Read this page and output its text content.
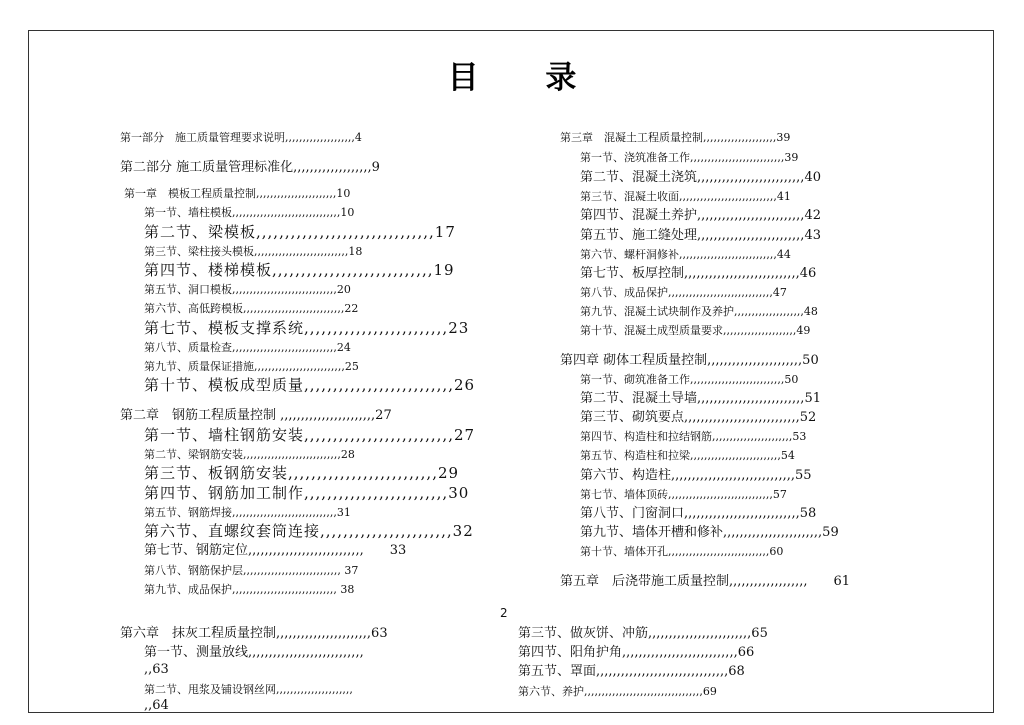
目 录
第一部分　施工质量管理要求说明,,,,,,,,,,,,,,,,,,,,4
第二部分 施工质量管理标准化,,,,,,,,,,,,,,,,,,,9
第一章　模板工程质量控制,,,,,,,,,,,,,,,,,,,,,,,10
第一节、墙柱模板,,,,,,,,,,,,,,,,,,,,,,,,,,,,,,,10
第二节、梁模板,,,,,,,,,,,,,,,,,,,,,,,,,,,,,,,17
第三节、梁柱接头模板,,,,,,,,,,,,,,,,,,,,,,,,,,,18
第四节、楼梯模板,,,,,,,,,,,,,,,,,,,,,,,,,,,,19
第五节、洞口模板,,,,,,,,,,,,,,,,,,,,,,,,,,,,,,20
第六节、高低跨模板,,,,,,,,,,,,,,,,,,,,,,,,,,,,,22
第七节、模板支撑系统,,,,,,,,,,,,,,,,,,,,,,,,,23
第八节、质量检查,,,,,,,,,,,,,,,,,,,,,,,,,,,,,,24
第九节、质量保证措施,,,,,,,,,,,,,,,,,,,,,,,,,,25
第十节、模板成型质量,,,,,,,,,,,,,,,,,,,,,,,,,,26
第二章　钢筋工程质量控制 ,,,,,,,,,,,,,,,,,,,,,,,27
第一节、墙柱钢筋安装,,,,,,,,,,,,,,,,,,,,,,,,,,27
第二节、梁钢筋安装,,,,,,,,,,,,,,,,,,,,,,,,,,,,28
第三节、板钢筋安装,,,,,,,,,,,,,,,,,,,,,,,,,,29
第四节、钢筋加工制作,,,,,,,,,,,,,,,,,,,,,,,,,30
第五节、钢筋焊接,,,,,,,,,,,,,,,,,,,,,,,,,,,,,,31
第六节、直螺纹套筒连接,,,,,,,,,,,,,,,,,,,,,,,32
第七节、钢筋定位,,,,,,,,,,,,,,,,,,,,,,,,,,,,　　33
第八节、钢筋保护层,,,,,,,,,,,,,,,,,,,,,,,,,,,, 37
第九节、成品保护,,,,,,,,,,,,,,,,,,,,,,,,,,,,,, 38
第三章　混凝土工程质量控制,,,,,,,,,,,,,,,,,,,,,39
第一节、浇筑准备工作,,,,,,,,,,,,,,,,,,,,,,,,,,,39
第二节、混凝土浇筑,,,,,,,,,,,,,,,,,,,,,,,,,,40
第三节、混凝土收面,,,,,,,,,,,,,,,,,,,,,,,,,,,,41
第四节、混凝土养护,,,,,,,,,,,,,,,,,,,,,,,,,,42
第五节、施工缝处理,,,,,,,,,,,,,,,,,,,,,,,,,,43
第六节、螺杆洞修补,,,,,,,,,,,,,,,,,,,,,,,,,,,,44
第七节、板厚控制,,,,,,,,,,,,,,,,,,,,,,,,,,,,46
第八节、成品保护,,,,,,,,,,,,,,,,,,,,,,,,,,,,,,47
第九节、混凝土试块制作及养护,,,,,,,,,,,,,,,,,,,,48
第十节、混凝土成型质量要求,,,,,,,,,,,,,,,,,,,,,49
第四章 砌体工程质量控制,,,,,,,,,,,,,,,,,,,,,,,50
第一节、砌筑准备工作,,,,,,,,,,,,,,,,,,,,,,,,,,,50
第二节、混凝土导墙,,,,,,,,,,,,,,,,,,,,,,,,,,51
第三节、砌筑要点,,,,,,,,,,,,,,,,,,,,,,,,,,,,52
第四节、构造柱和拉结钢筋,,,,,,,,,,,,,,,,,,,,,,,53
第五节、构造柱和拉梁,,,,,,,,,,,,,,,,,,,,,,,,,,54
第六节、构造柱,,,,,,,,,,,,,,,,,,,,,,,,,,,,,,55
第七节、墙体顶砖,,,,,,,,,,,,,,,,,,,,,,,,,,,,,,57
第八节、门窗洞口,,,,,,,,,,,,,,,,,,,,,,,,,,,,58
第九节、墙体开槽和修补,,,,,,,,,,,,,,,,,,,,,,,,59
第十节、墙体开孔,,,,,,,,,,,,,,,,,,,,,,,,,,,,,60
第五章　后浇带施工质量控制,,,,,,,,,,,,,,,,,,,　　61
2
第六章　抹灰工程质量控制,,,,,,,,,,,,,,,,,,,,,,,63
第一节、测量放线,,,,,,,,,,,,,,,,,,,,,,,,,,,,
,,63
第二节、甩浆及铺设钢丝网,,,,,,,,,,,,,,,,,,,,,,
,,64
第三节、做灰饼、冲筋,,,,,,,,,,,,,,,,,,,,,,,,,65
第四节、阳角护角,,,,,,,,,,,,,,,,,,,,,,,,,,,,66
第五节、罩面,,,,,,,,,,,,,,,,,,,,,,,,,,,,,,,,68
第六节、养护,,,,,,,,,,,,,,,,,,,,,,,,,,,,,,,,,,69
